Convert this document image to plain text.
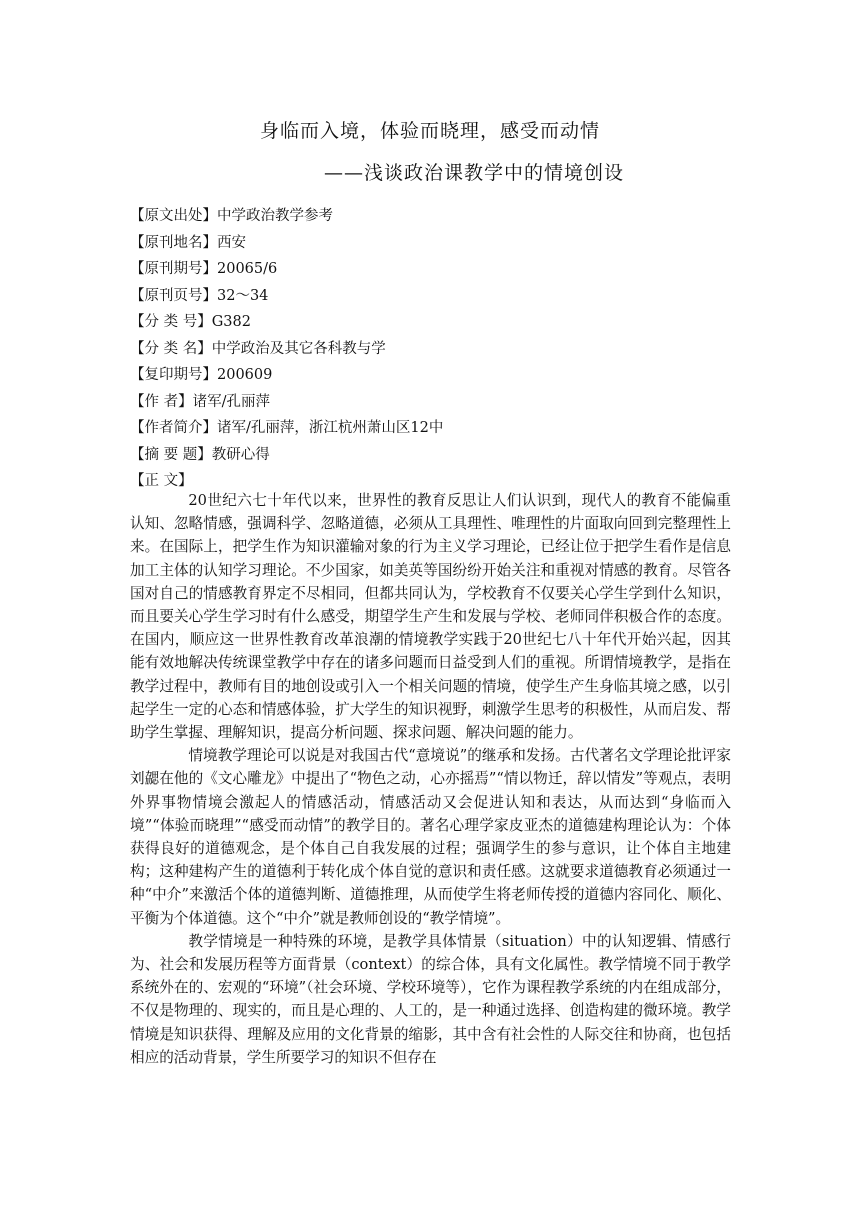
身临而入境，体验而晓理，感受而动情
——浅谈政治课教学中的情境创设
【原文出处】中学政治教学参考
【原刊地名】西安
【原刊期号】20065/6
【原刊页号】32～34
【分 类 号】G382
【分 类 名】中学政治及其它各科教与学
【复印期号】200609
【作 者】诸军/孔丽萍
【作者简介】诸军/孔丽萍，浙江杭州萧山区12中
【摘 要 题】教研心得
【正 文】

20世纪六七十年代以来，世界性的教育反思让人们认识到，现代人的教育不能偏重认知、忽略情感，强调科学、忽略道德，必须从工具理性、唯理性的片面取向回到完整理性上来。在国际上，把学生作为知识灌输对象的行为主义学习理论，已经让位于把学生看作是信息加工主体的认知学习理论。不少国家，如美英等国纷纷开始关注和重视对情感的教育。尽管各国对自己的情感教育界定不尽相同，但都共同认为，学校教育不仅要关心学生学到什么知识，而且要关心学生学习时有什么感受，期望学生产生和发展与学校、老师同伴积极合作的态度。在国内，顺应这一世界性教育改革浪潮的情境教学实践于20世纪七八十年代开始兴起，因其能有效地解决传统课堂教学中存在的诸多问题而日益受到人们的重视。所谓情境教学，是指在教学过程中，教师有目的地创设或引入一个相关问题的情境，使学生产生身临其境之感，以引起学生一定的心态和情感体验，扩大学生的知识视野，刺激学生思考的积极性，从而启发、帮助学生掌握、理解知识，提高分析问题、探求问题、解决问题的能力。

情境教学理论可以说是对我国古代“意境说”的继承和发扬。古代著名文学理论批评家刘勰在他的《文心雕龙》中提出了“物色之动，心亦摇焉”“情以物迁，辞以情发”等观点，表明外界事物情境会激起人的情感活动，情感活动又会促进认知和表达，从而达到“身临而入境”“体验而晓理”“感受而动情”的教学目的。著名心理学家皮亚杰的道德建构理论认为：个体获得良好的道德观念，是个体自己自我发展的过程；强调学生的参与意识，让个体自主地建构；这种建构产生的道德利于转化成个体自觉的意识和责任感。这就要求道德教育必须通过一种“中介”来激活个体的道德判断、道德推理，从而使学生将老师传授的道德内容同化、顺化、平衡为个体道德。这个“中介”就是教师创设的“教学情境”。

教学情境是一种特殊的环境，是教学具体情景（situation）中的认知逻辑、情感行为、社会和发展历程等方面背景（context）的综合体，具有文化属性。教学情境不同于教学系统外在的、宏观的“环境”（社会环境、学校环境等），它作为课程教学系统的内在组成部分，不仅是物理的、现实的，而且是心理的、人工的，是一种通过选择、创造构建的微环境。教学情境是知识获得、理解及应用的文化背景的缩影，其中含有社会性的人际交往和协商，也包括相应的活动背景，学生所要学习的知识不但存在
